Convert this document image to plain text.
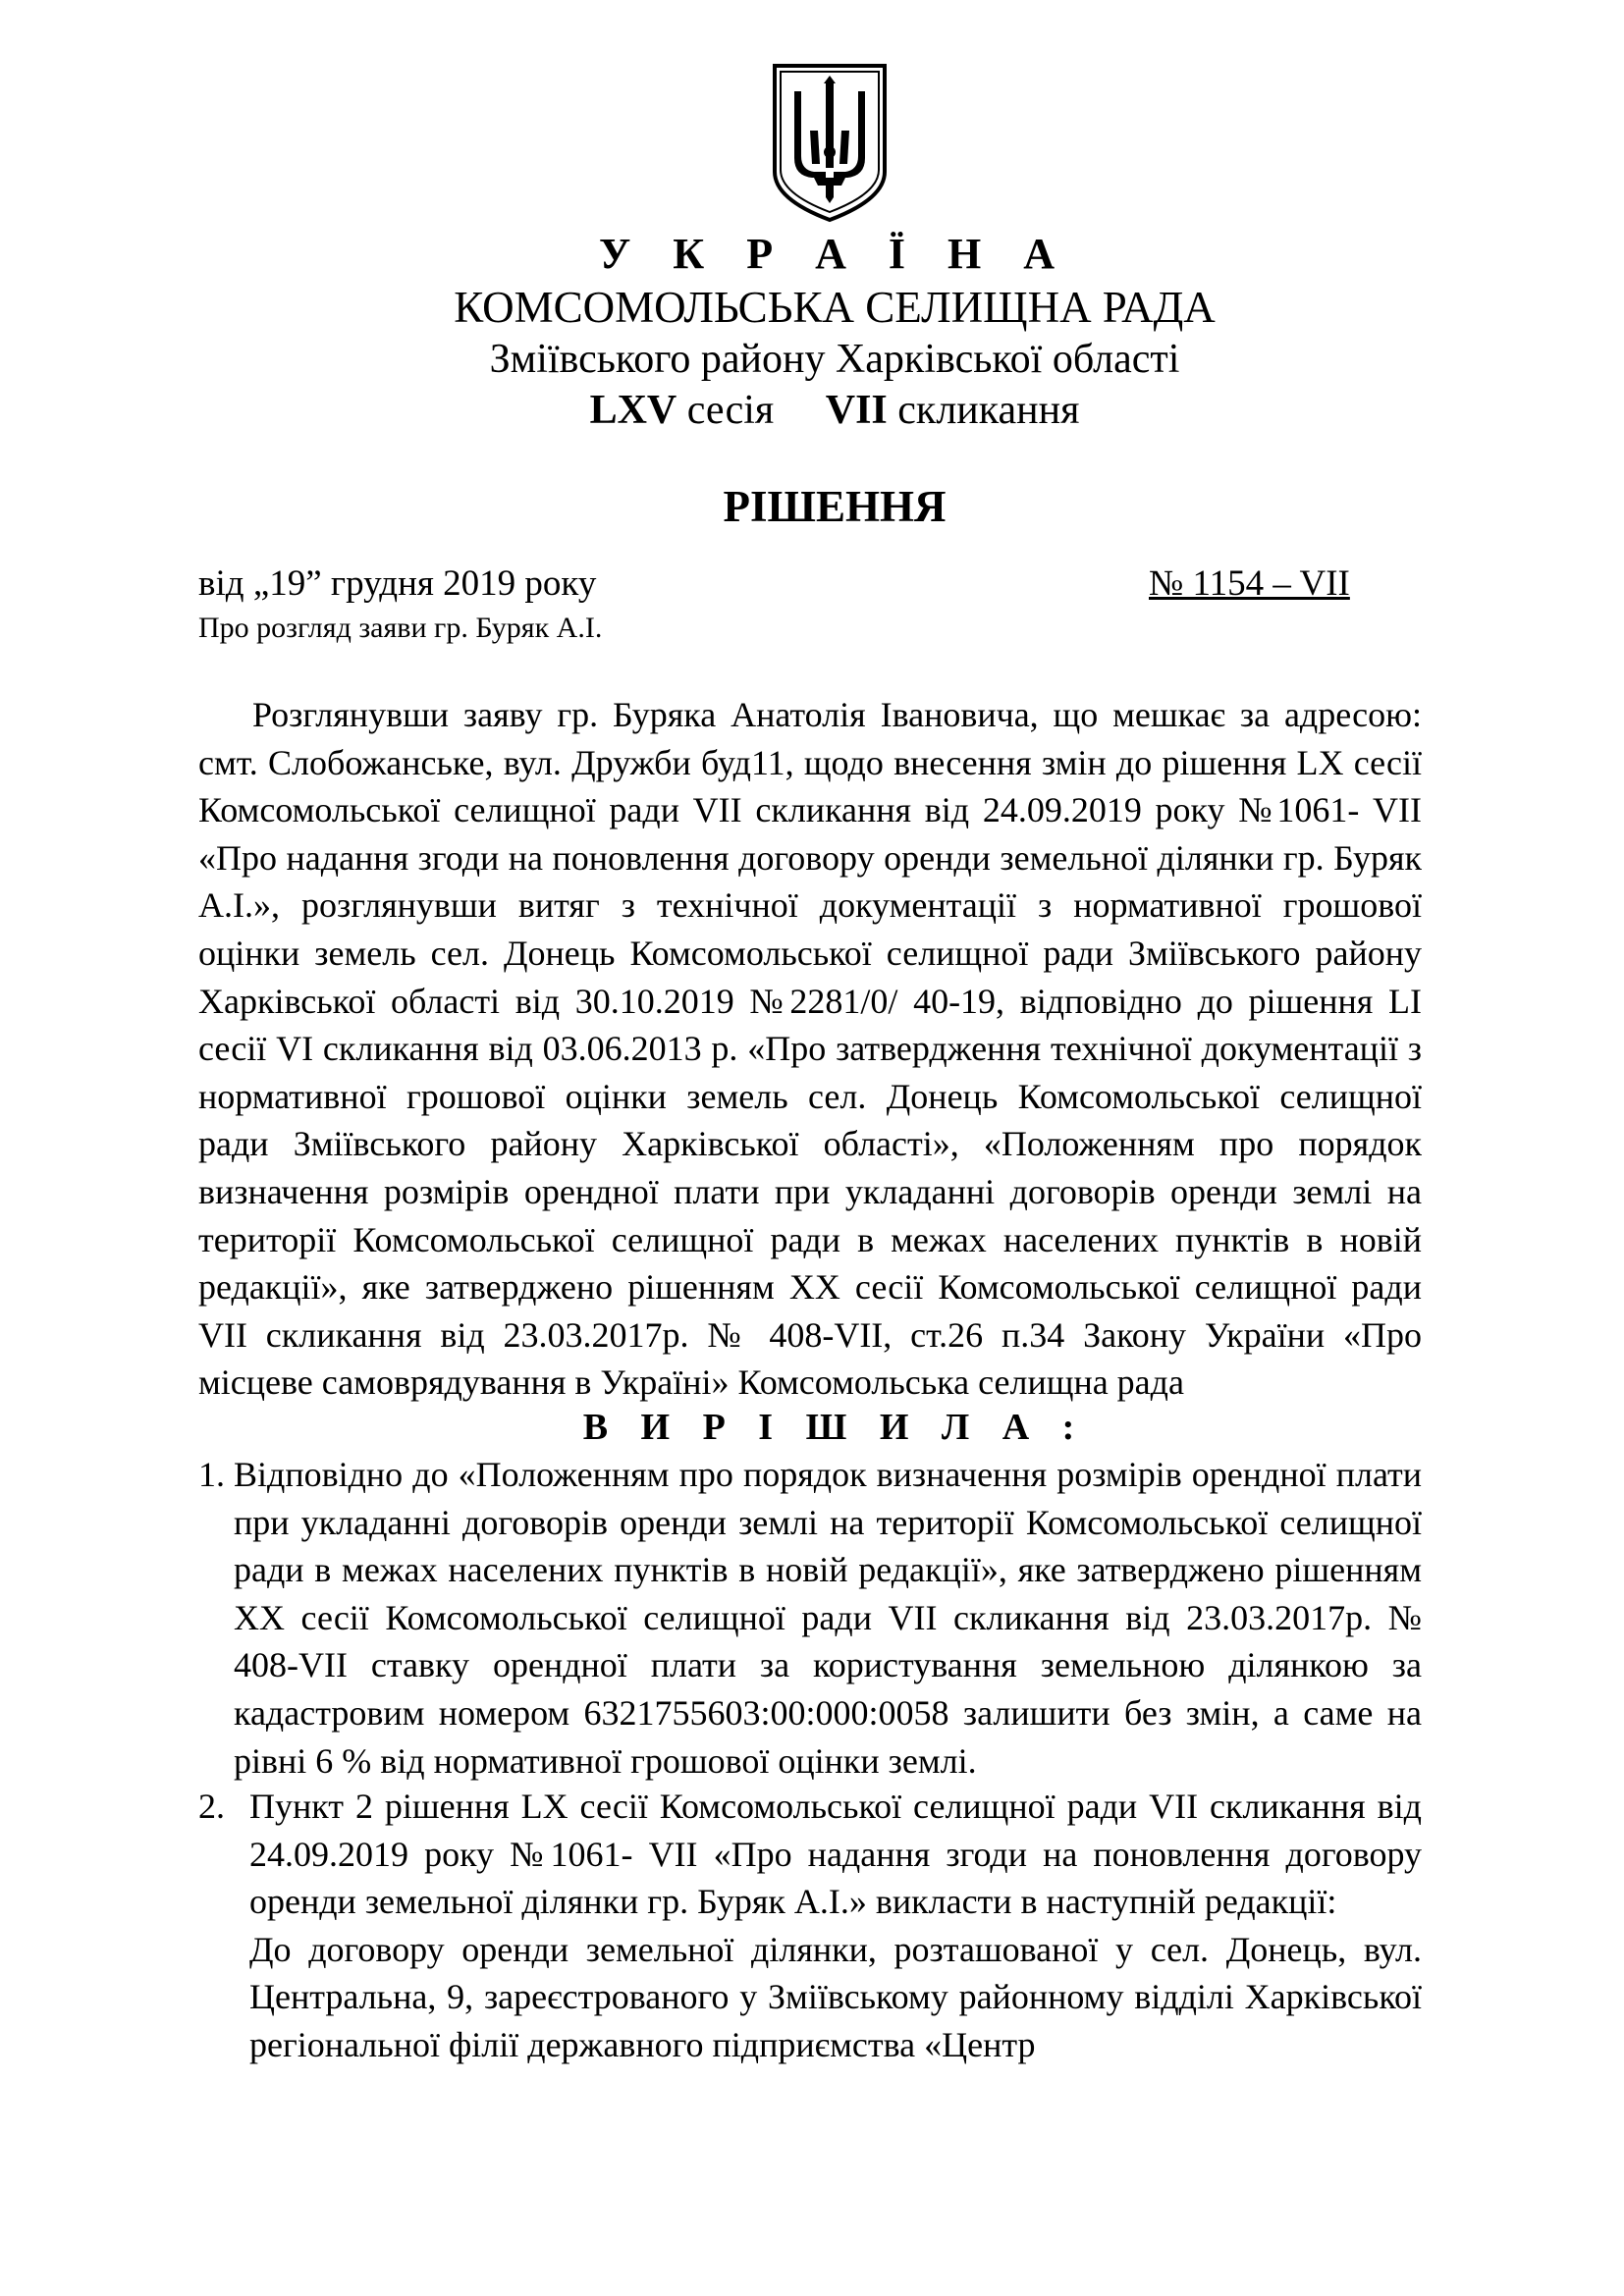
У К Р А Ї Н А
КОМСОМОЛЬСЬКА СЕЛИЩНА РАДА
Зміївського району Харківської області
LXV сесія VII скликання
РІШЕННЯ
від „19” грудня 2019 року	№ 1154 – VII
Про розгляд заяви гр. Буряк А.І.
Розглянувши заяву гр. Буряка Анатолія Івановича, що мешкає за адресою: смт. Слобожанське, вул. Дружби буд11, щодо внесення змін до рішення LX сесії Комсомольської селищної ради VII скликання від 24.09.2019 року №1061- VII «Про надання згоди на поновлення договору оренди земельної ділянки гр. Буряк А.І.», розглянувши витяг з технічної документації з нормативної грошової оцінки земель сел. Донець Комсомольської селищної ради Зміївського району Харківської області від 30.10.2019 №2281/0/ 40-19, відповідно до рішення LI сесії VI скликання від 03.06.2013 р. «Про затвердження технічної документації з нормативної грошової оцінки земель сел. Донець Комсомольської селищної ради Зміївського району Харківської області», «Положенням про порядок визначення розмірів орендної плати при укладанні договорів оренди землі на території Комсомольської селищної ради в межах населених пунктів в новій редакції», яке затверджено рішенням XX сесії Комсомольської селищної ради VII скликання від 23.03.2017р. № 408-VII, ст.26 п.34 Закону України «Про місцеве самоврядування в Україні» Комсомольська селищна рада
В И Р І Ш И Л А :
1. Відповідно до «Положенням про порядок визначення розмірів орендної плати при укладанні договорів оренди землі на території Комсомольської селищної ради в межах населених пунктів в новій редакції», яке затверджено рішенням XX сесії Комсомольської селищної ради VII скликання від 23.03.2017р. № 408-VII ставку орендної плати за користування земельною ділянкою за кадастровим номером 6321755603:00:000:0058 залишити без змін, а саме на рівні 6 % від нормативної грошової оцінки землі.
2. Пункт 2 рішення LX сесії Комсомольської селищної ради VII скликання від 24.09.2019 року №1061- VII «Про надання згоди на поновлення договору оренди земельної ділянки гр. Буряк А.І.» викласти в наступній редакції:
До договору оренди земельної ділянки, розташованої у сел. Донець, вул. Центральна, 9, зареєстрованого у Зміївському районному відділі Харківської регіональної філії державного підприємства «Центр
